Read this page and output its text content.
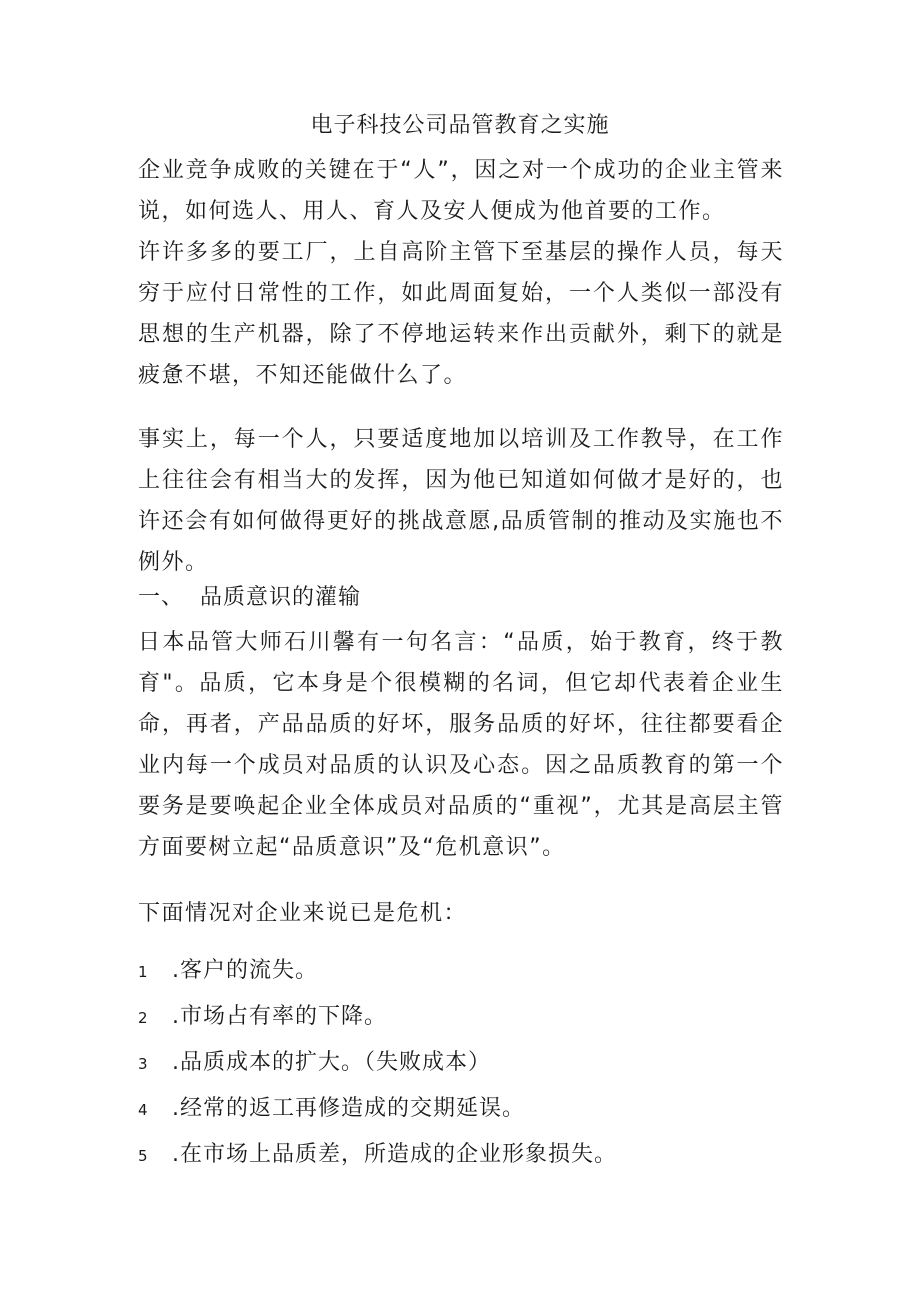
电子科技公司品管教育之实施

企业竞争成败的关键在于“人”，因之对一个成功的企业主管来说，如何选人、用人、育人及安人便成为他首要的工作。

许许多多的要工厂，上自高阶主管下至基层的操作人员，每天穷于应付日常性的工作，如此周面复始，一个人类似一部没有思想的生产机器，除了不停地运转来作出贡献外，剩下的就是疲惫不堪，不知还能做什么了。

事实上，每一个人，只要适度地加以培训及工作教导，在工作上往往会有相当大的发挥，因为他已知道如何做才是好的，也许还会有如何做得更好的挑战意愿,品质管制的推动及实施也不例外。

一、 品质意识的灌输

日本品管大师石川馨有一句名言：“品质，始于教育，终于教育"。品质，它本身是个很模糊的名词，但它却代表着企业生命，再者，产品品质的好坏，服务品质的好坏，往往都要看企业内每一个成员对品质的认识及心态。因之品质教育的第一个要务是要唤起企业全体成员对品质的“重视”，尤其是高层主管方面要树立起“品质意识”及“危机意识”。

下面情况对企业来说已是危机：

1 .客户的流失。
2 .市场占有率的下降。
3 .品质成本的扩大。（失败成本）
4 .经常的返工再修造成的交期延误。
5 .在市场上品质差，所造成的企业形象损失。
